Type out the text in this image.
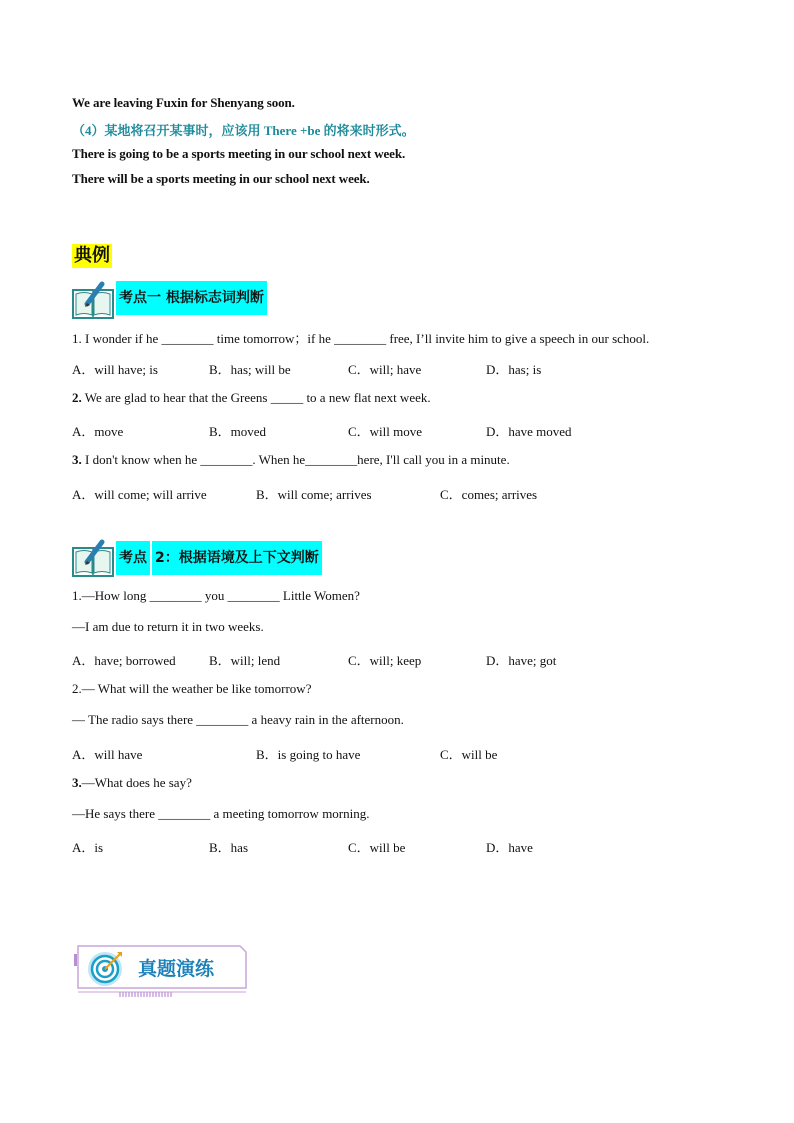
We are leaving Fuxin for Shenyang soon.
（4）某地将召开某事时，应该用 There +be 的将来时形式。
There is going to be a sports meeting in our school next week.
There will be a sports meeting in our school next week.
典例
考点一 根据标志词判断
1. I wonder if he ________ time tomorrow；if he ________ free, I’ll invite him to give a speech in our school.
A．will have; is	B．has; will be	C．will; have	D．has; is
2. We are glad to hear that the Greens _____ to a new flat next week.
A．move	B．moved	C．will move	D．have moved
3. I don't know when he ________. When he________here, I'll call you in a minute.
A．will come; will arrive	B．will come; arrives	C．comes; arrives
考点 2：根据语境及上下文判断
1.—How long ________ you ________ Little Women?
—I am due to return it in two weeks.
A．have; borrowed	B．will; lend	C．will; keep	D．have; got
2.— What will the weather be like tomorrow?
— The radio says there ________ a heavy rain in the afternoon.
A．will have	B．is going to have	C．will be
3.—What does he say?
—He says there ________ a meeting tomorrow morning.
A．is	B．has	C．will be	D．have
真题演练
